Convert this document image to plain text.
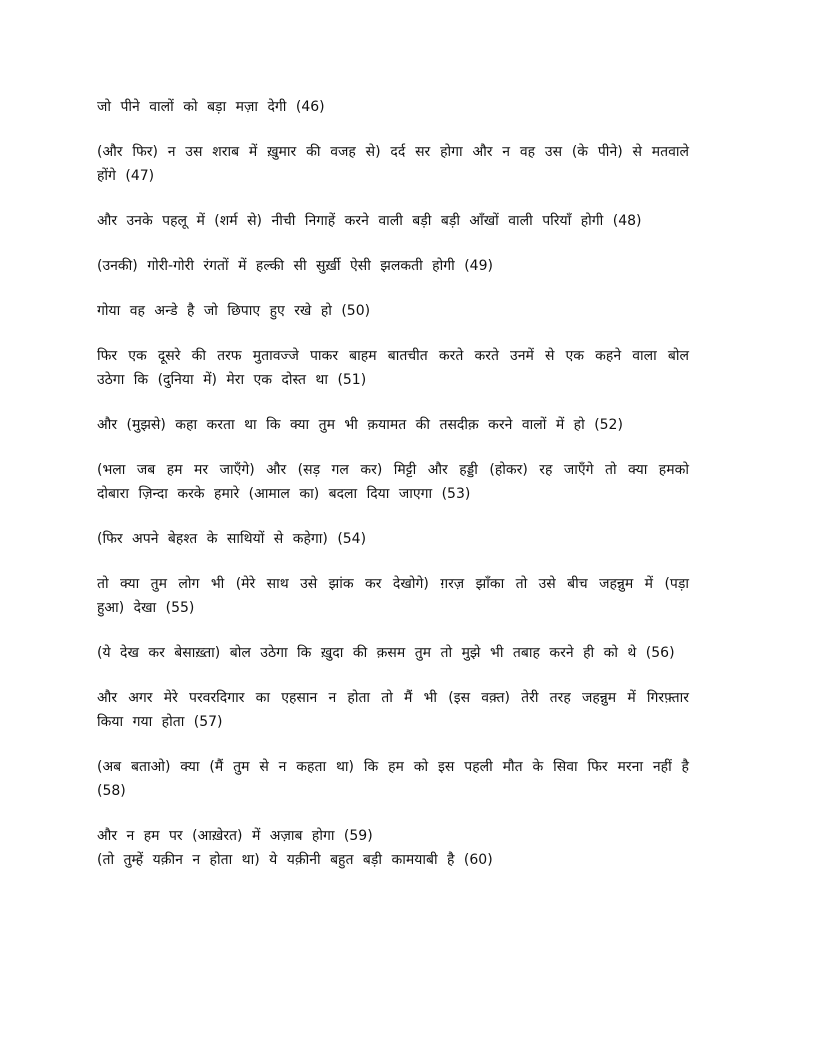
जो पीने वालों को बड़ा मज़ा देगी (46)

(और फिर) न उस शराब में ख़ुमार की वजह से) दर्द सर होगा और न वह उस (के पीने) से मतवाले होंगे (47)

और उनके पहलू में (शर्म से) नीची निगाहें करने वाली बड़ी बड़ी आँखों वाली परियाँ होगी (48)

(उनकी) गोरी-गोरी रंगतों में हल्की सी सुर्ख़ी ऐसी झलकती होगी (49)

गोया वह अन्डे है जो छिपाए हुए रखे हो (50)

फिर एक दूसरे की तरफ मुतावज्जे पाकर बाहम बातचीत करते करते उनमें से एक कहने वाला बोल उठेगा कि (दुनिया में) मेरा एक दोस्त था (51)

और (मुझसे) कहा करता था कि क्या तुम भी क़यामत की तसदीक़ करने वालों में हो (52)

(भला जब हम मर जाएँगे) और (सड़ गल कर) मिट्टी और हड्डी (होकर) रह जाएँगे तो क्या हमको दोबारा ज़िन्दा करके हमारे (आमाल का) बदला दिया जाएगा (53)

(फिर अपने बेहश्त के साथियों से कहेगा) (54)

तो क्या तुम लोग भी (मेरे साथ उसे झांक कर देखोगे) ग़रज़ झाँका तो उसे बीच जहन्नुम में (पड़ा हुआ) देखा (55)

(ये देख कर बेसाख़्ता) बोल उठेगा कि ख़ुदा की क़सम तुम तो मुझे भी तबाह करने ही को थे (56)

और अगर मेरे परवरदिगार का एहसान न होता तो मैं भी (इस वक़्त) तेरी तरह जहन्नुम में गिरफ़्तार किया गया होता (57)

(अब बताओ) क्या (मैं तुम से न कहता था) कि हम को इस पहली मौत के सिवा फिर मरना नहीं है (58)

और न हम पर (आख़ेरत) में अज़ाब होगा (59)

(तो तुम्हें यक़ीन न होता था) ये यक़ीनी बहुत बड़ी कामयाबी है (60)
